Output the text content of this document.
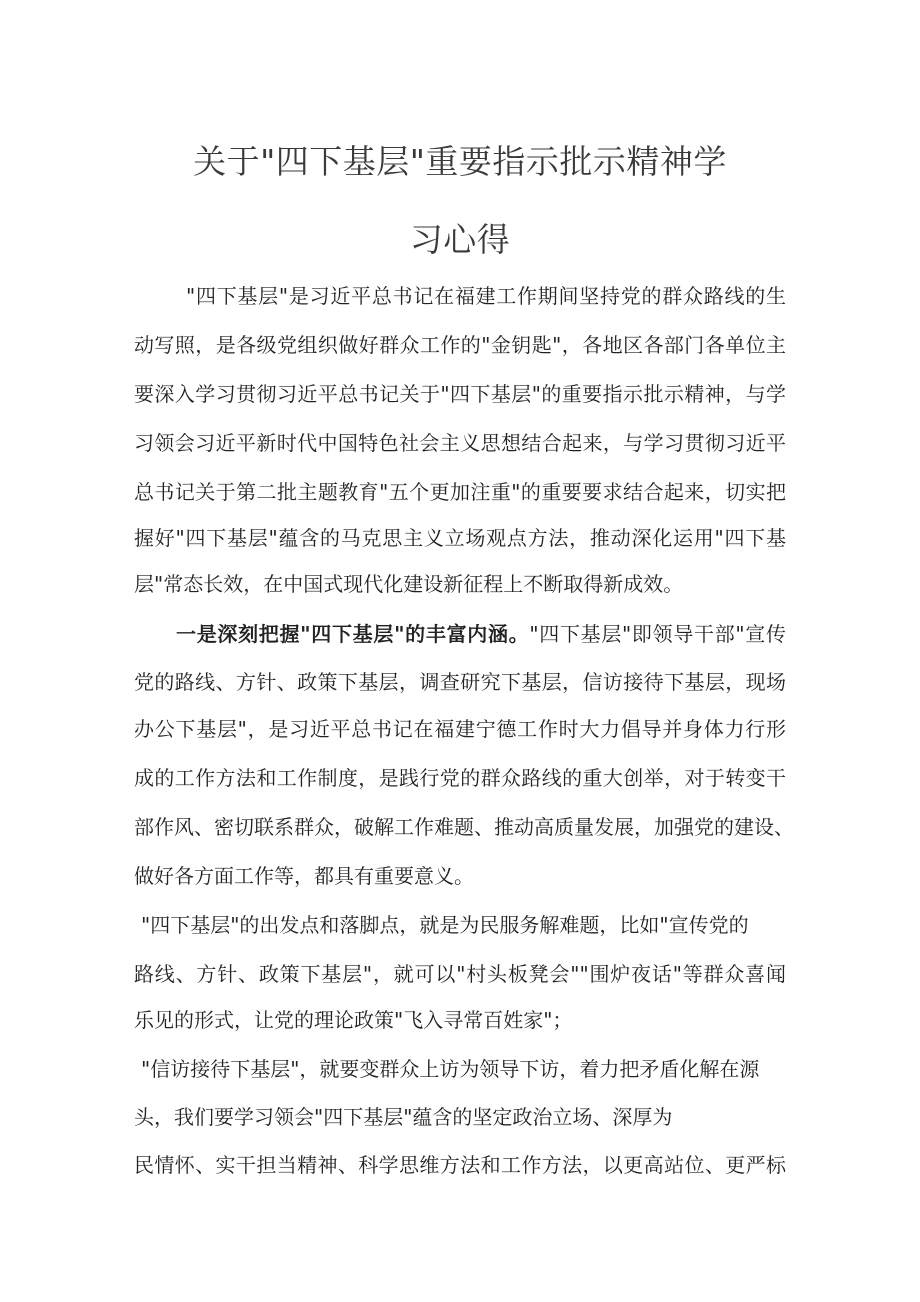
关于"四下基层"重要指示批示精神学
习心得
"四下基层"是习近平总书记在福建工作期间坚持党的群众路线的生
动写照，是各级党组织做好群众工作的"金钥匙"，各地区各部门各单位主
要深入学习贯彻习近平总书记关于"四下基层"的重要指示批示精神，与学
习领会习近平新时代中国特色社会主义思想结合起来，与学习贯彻习近平
总书记关于第二批主题教育"五个更加注重"的重要要求结合起来，切实把
握好"四下基层"蕴含的马克思主义立场观点方法，推动深化运用"四下基
层"常态长效，在中国式现代化建设新征程上不断取得新成效。
一是深刻把握"四下基层"的丰富内涵。"四下基层"即领导干部"宣传
党的路线、方针、政策下基层，调查研究下基层，信访接待下基层，现场
办公下基层"，是习近平总书记在福建宁德工作时大力倡导并身体力行形
成的工作方法和工作制度，是践行党的群众路线的重大创举，对于转变干
部作风、密切联系群众，破解工作难题、推动高质量发展，加强党的建设、
做好各方面工作等，都具有重要意义。
"四下基层"的出发点和落脚点，就是为民服务解难题，比如"宣传党的
路线、方针、政策下基层"，就可以"村头板凳会""围炉夜话"等群众喜闻
乐见的形式，让党的理论政策"飞入寻常百姓家"；
"信访接待下基层"，就要变群众上访为领导下访，着力把矛盾化解在源
头，我们要学习领会"四下基层"蕴含的坚定政治立场、深厚为
民情怀、实干担当精神、科学思维方法和工作方法，以更高站位、更严标
